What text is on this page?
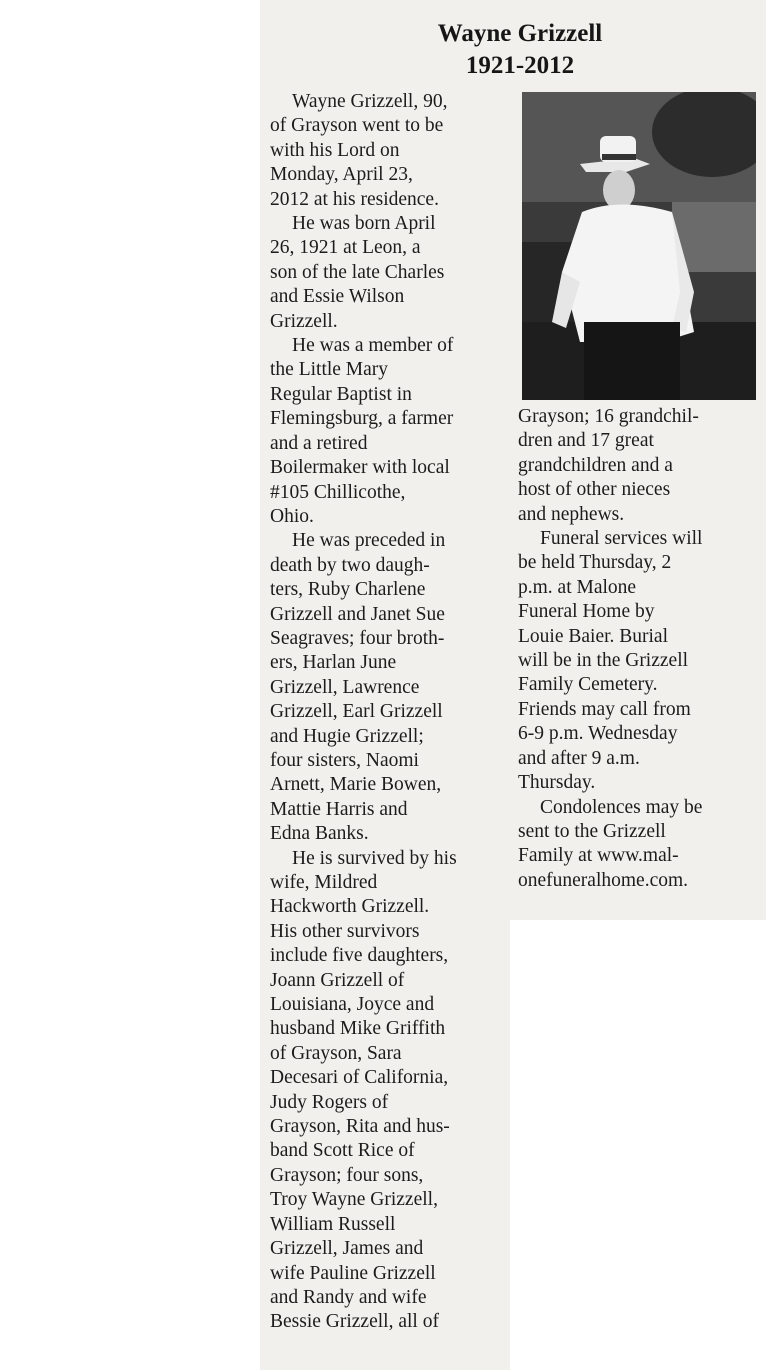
Wayne Grizzell
1921-2012

Wayne Grizzell, 90,
of Grayson went to be
with his Lord on
Monday, April 23,
2012 at his residence.

He was born April
26, 1921 at Leon, a
son of the late Charles
and Essie Wilson
Grizzell.

He was a member of
the Little Mary
Regular Baptist in
Flemingsburg, a farmer
and a retired
Boilermaker with local
#105 Chillicothe,
Ohio.

He was preceded in
death by two daugh-
ters, Ruby Charlene
Grizzell and Janet Sue
Seagraves; four broth-
ers, Harlan June
Grizzell, Lawrence
Grizzell, Earl Grizzell
and Hugie Grizzell;
four sisters, Naomi
Arnett, Marie Bowen,
Mattie Harris and
Edna Banks.

He is survived by his
wife, Mildred
Hackworth Grizzell.
His other survivors
include five daughters,
Joann Grizzell of
Louisiana, Joyce and
husband Mike Griffith
of Grayson, Sara
Decesari of California,
Judy Rogers of
Grayson, Rita and hus-
band Scott Rice of
Grayson; four sons,
Troy Wayne Grizzell,
William Russell
Grizzell, James and
wife Pauline Grizzell
and Randy and wife
Bessie Grizzell, all of

Grayson; 16 grandchil-
dren and 17 great
grandchildren and a
host of other nieces
and nephews.

Funeral services will
be held Thursday, 2
p.m. at Malone
Funeral Home by
Louie Baier. Burial
will be in the Grizzell
Family Cemetery.
Friends may call from
6-9 p.m. Wednesday
and after 9 a.m.
Thursday.

Condolences may be
sent to the Grizzell
Family at www.mal-
onefuneralhome.com.
